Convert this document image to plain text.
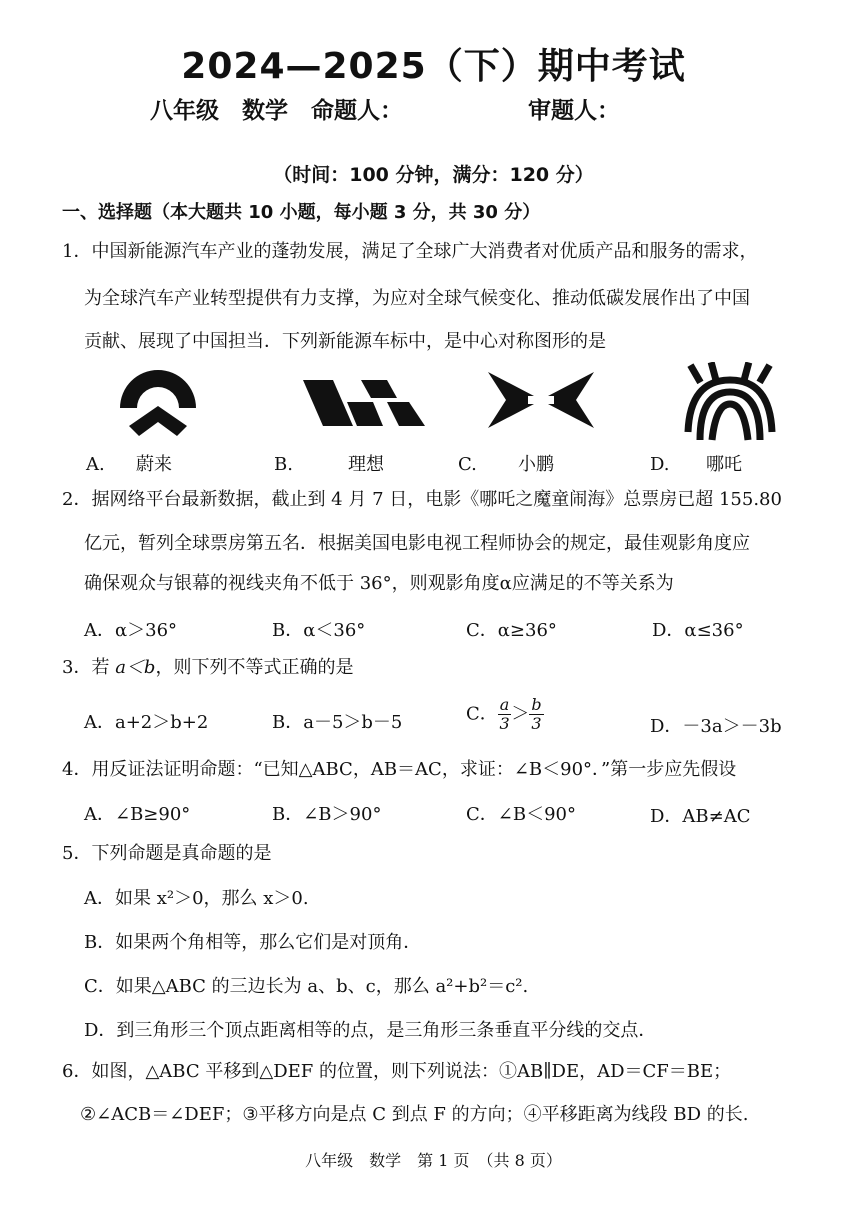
2024—2025（下）期中考试
八年级　数学　命题人：	审题人：
（时间：100 分钟，满分：120 分）
一、选择题（本大题共 10 小题，每小题 3 分，共 30 分）
1．中国新能源汽车产业的蓬勃发展，满足了全球广大消费者对优质产品和服务的需求，
为全球汽车产业转型提供有力支撑，为应对全球气候变化、推动低碳发展作出了中国
贡献、展现了中国担当．下列新能源车标中，是中心对称图形的是
A. 蔚来	B.	理想	C. 小鹏	D. 哪吒
2．据网络平台最新数据，截止到 4 月 7 日，电影《哪吒之魔童闹海》总票房已超 155.80
亿元，暂列全球票房第五名．根据美国电影电视工程师协会的规定，最佳观影角度应
确保观众与银幕的视线夹角不低于 36°，则观影角度α应满足的不等关系为
A．α＞36°	B．α＜36°	C．α≥36°	D．α≤36°
3．若 a＜b，则下列不等式正确的是
A．a+2＞b+2	B．a－5＞b－5	C． $\frac{a}{3} > \frac{b}{3}$	D．－3a＞－3b
4．用反证法证明命题：“已知△ABC，AB＝AC，求证：∠B＜90°．”第一步应先假设
A．∠B≥90°	B．∠B＞90°	C．∠B＜90°	D．AB≠AC
5．下列命题是真命题的是
A．如果 x²＞0，那么 x＞0.
B．如果两个角相等，那么它们是对顶角．
C．如果△ABC 的三边长为 a、b、c，那么 a²+b²＝c².
D．到三角形三个顶点距离相等的点，是三角形三条垂直平分线的交点．
6．如图，△ABC 平移到△DEF 的位置，则下列说法：①AB∥DE，AD＝CF＝BE；
②∠ACB＝∠DEF；③平移方向是点 C 到点 F 的方向；④平移距离为线段 BD 的长.
八年级　数学　第 1 页　（共 8 页）
